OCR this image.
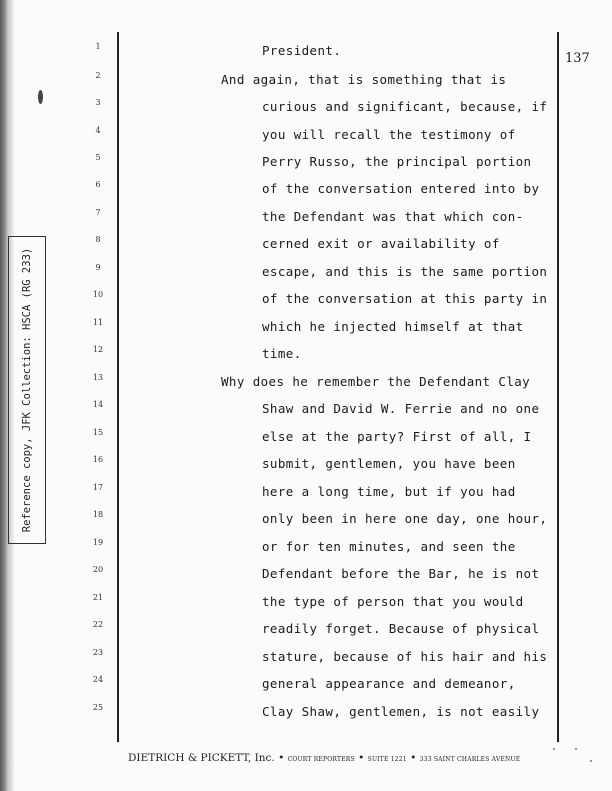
Reference copy, JFK Collection: HSCA (RG 233)
137
1	President.
2	And again, that is something that is
3	curious and significant, because, if
4	you will recall the testimony of
5	Perry Russo, the principal portion
6	of the conversation entered into by
7	the Defendant was that which con-
8	cerned exit or availability of
9	escape, and this is the same portion
10	of the conversation at this party in
11	which he injected himself at that
12	time.
13	Why does he remember the Defendant Clay
14	Shaw and David W. Ferrie and no one
15	else at the party? First of all, I
16	submit, gentlemen, you have been
17	here a long time, but if you had
18	only been in here one day, one hour,
19	or for ten minutes, and seen the
20	Defendant before the Bar, he is not
21	the type of person that you would
22	readily forget. Because of physical
23	stature, because of his hair and his
24	general appearance and demeanor,
25	Clay Shaw, gentlemen, is not easily
DIETRICH & PICKETT, Inc. • COURT REPORTERS • SUITE 1221 • 333 SAINT CHARLES AVENUE
